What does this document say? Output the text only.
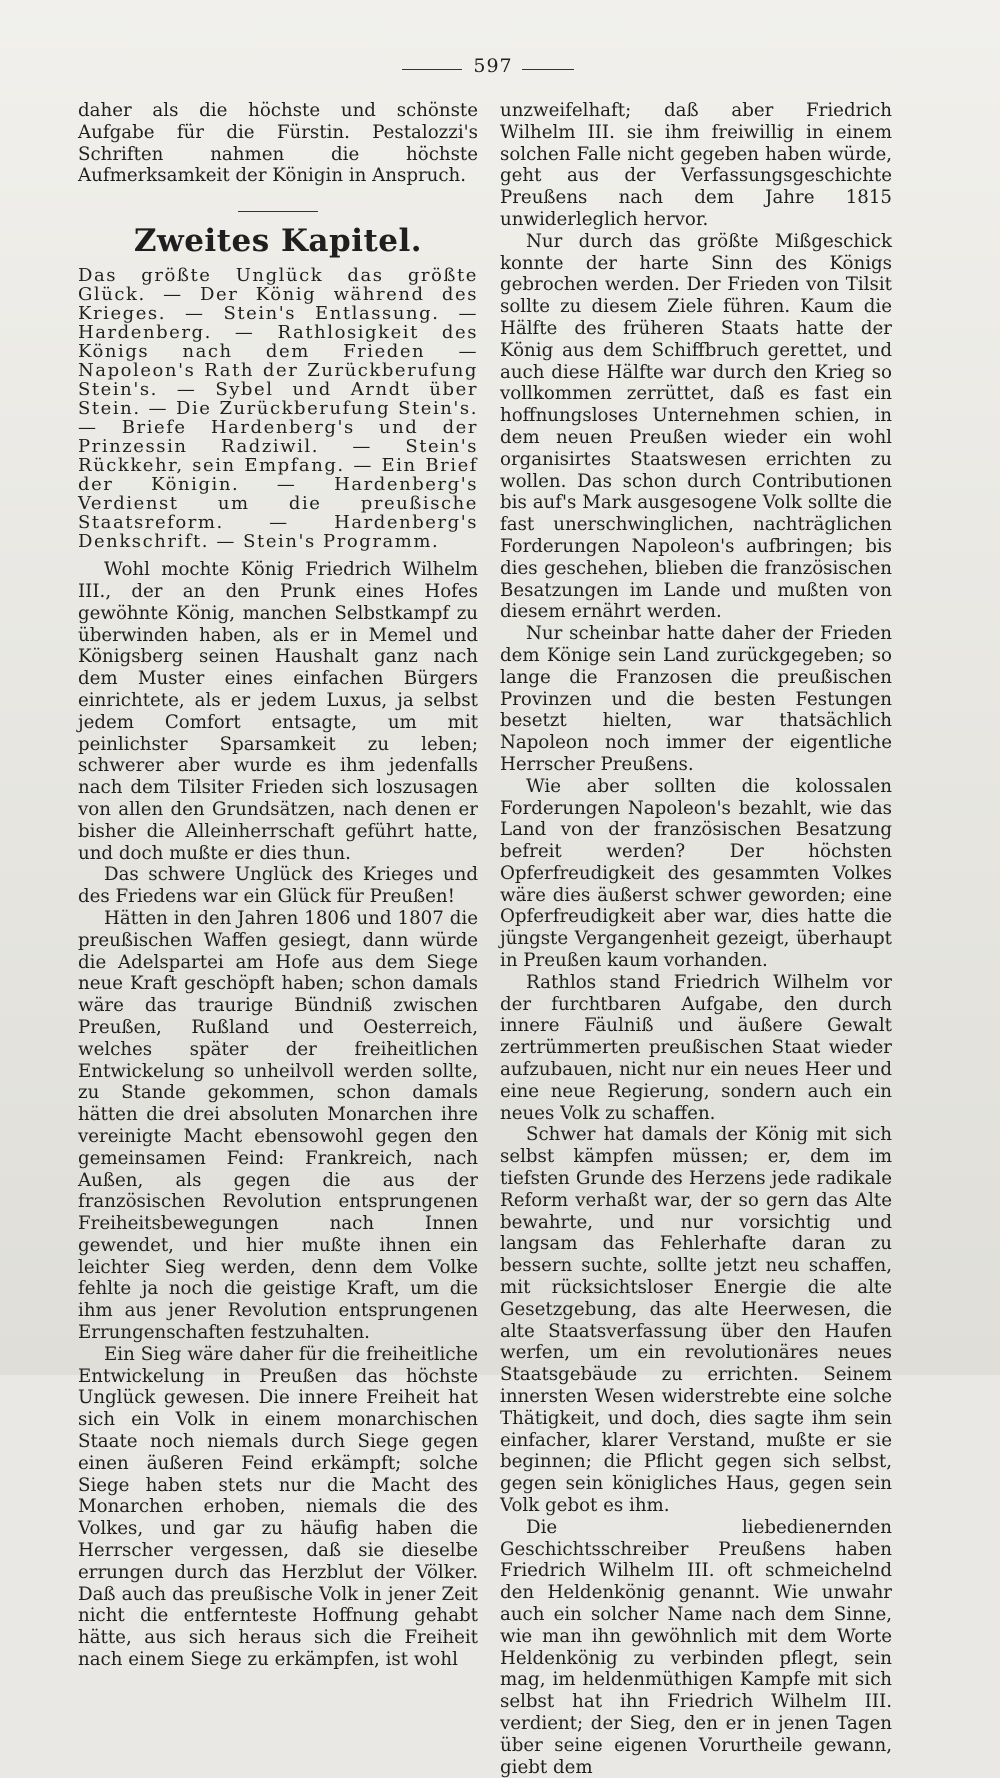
597

daher als die höchste und schönste Aufgabe für die Fürstin. Pestalozzi's Schriften nahmen die höchste Aufmerksamkeit der Königin in Anspruch.

Zweites Kapitel.
Das größte Unglück das größte Glück. — Der König während des Krieges. — Stein's Entlassung. — Hardenberg. — Rathlosigkeit des Königs nach dem Frieden — Napoleon's Rath der Zurückberufung Stein's. — Sybel und Arndt über Stein. — Die Zurückberufung Stein's. — Briefe Hardenberg's und der Prinzessin Radziwil. — Stein's Rückkehr, sein Empfang. — Ein Brief der Königin. — Hardenberg's Verdienst um die preußische Staatsreform. — Hardenberg's Denkschrift. — Stein's Programm.

Wohl mochte König Friedrich Wilhelm III., der an den Prunk eines Hofes gewöhnte König, manchen Selbstkampf zu überwinden haben, als er in Memel und Königsberg seinen Haushalt ganz nach dem Muster eines einfachen Bürgers einrichtete, als er jedem Luxus, ja selbst jedem Comfort entsagte, um mit peinlichster Sparsamkeit zu leben; schwerer aber wurde es ihm jedenfalls nach dem Tilsiter Frieden sich loszusagen von allen den Grundsätzen, nach denen er bisher die Alleinherrschaft geführt hatte, und doch mußte er dies thun.

Das schwere Unglück des Krieges und des Friedens war ein Glück für Preußen!

Hätten in den Jahren 1806 und 1807 die preußischen Waffen gesiegt, dann würde die Adelspartei am Hofe aus dem Siege neue Kraft geschöpft haben; schon damals wäre das traurige Bündniß zwischen Preußen, Rußland und Oesterreich, welches später der freiheitlichen Entwickelung so unheilvoll werden sollte, zu Stande gekommen, schon damals hätten die drei absoluten Monarchen ihre vereinigte Macht ebensowohl gegen den gemeinsamen Feind: Frankreich, nach Außen, als gegen die aus der französischen Revolution entsprungenen Freiheitsbewegungen nach Innen gewendet, und hier mußte ihnen ein leichter Sieg werden, denn dem Volke fehlte ja noch die geistige Kraft, um die ihm aus jener Revolution entsprungenen Errungenschaften festzuhalten.

Ein Sieg wäre daher für die freiheitliche Entwickelung in Preußen das höchste Unglück gewesen. Die innere Freiheit hat sich ein Volk in einem monarchischen Staate noch niemals durch Siege gegen einen äußeren Feind erkämpft; solche Siege haben stets nur die Macht des Monarchen erhoben, niemals die des Volkes, und gar zu häufig haben die Herrscher vergessen, daß sie dieselbe errungen durch das Herzblut der Völker. Daß auch das preußische Volk in jener Zeit nicht die entfernteste Hoffnung gehabt hätte, aus sich heraus sich die Freiheit nach einem Siege zu erkämpfen, ist wohl

unzweifelhaft; daß aber Friedrich Wilhelm III. sie ihm freiwillig in einem solchen Falle nicht gegeben haben würde, geht aus der Verfassungsgeschichte Preußens nach dem Jahre 1815 unwiderleglich hervor.

Nur durch das größte Mißgeschick konnte der harte Sinn des Königs gebrochen werden. Der Frieden von Tilsit sollte zu diesem Ziele führen. Kaum die Hälfte des früheren Staats hatte der König aus dem Schiffbruch gerettet, und auch diese Hälfte war durch den Krieg so vollkommen zerrüttet, daß es fast ein hoffnungsloses Unternehmen schien, in dem neuen Preußen wieder ein wohl organisirtes Staatswesen errichten zu wollen. Das schon durch Contributionen bis auf's Mark ausgesogene Volk sollte die fast unerschwinglichen, nachträglichen Forderungen Napoleon's aufbringen; bis dies geschehen, blieben die französischen Besatzungen im Lande und mußten von diesem ernährt werden.

Nur scheinbar hatte daher der Frieden dem Könige sein Land zurückgegeben; so lange die Franzosen die preußischen Provinzen und die besten Festungen besetzt hielten, war thatsächlich Napoleon noch immer der eigentliche Herrscher Preußens.

Wie aber sollten die kolossalen Forderungen Napoleon's bezahlt, wie das Land von der französischen Besatzung befreit werden? Der höchsten Opferfreudigkeit des gesammten Volkes wäre dies äußerst schwer geworden; eine Opferfreudigkeit aber war, dies hatte die jüngste Vergangenheit gezeigt, überhaupt in Preußen kaum vorhanden.

Rathlos stand Friedrich Wilhelm vor der furchtbaren Aufgabe, den durch innere Fäulniß und äußere Gewalt zertrümmerten preußischen Staat wieder aufzubauen, nicht nur ein neues Heer und eine neue Regierung, sondern auch ein neues Volk zu schaffen.

Schwer hat damals der König mit sich selbst kämpfen müssen; er, dem im tiefsten Grunde des Herzens jede radikale Reform verhaßt war, der so gern das Alte bewahrte, und nur vorsichtig und langsam das Fehlerhafte daran zu bessern suchte, sollte jetzt neu schaffen, mit rücksichtsloser Energie die alte Gesetzgebung, das alte Heerwesen, die alte Staatsverfassung über den Haufen werfen, um ein revolutionäres neues Staatsgebäude zu errichten. Seinem innersten Wesen widerstrebte eine solche Thätigkeit, und doch, dies sagte ihm sein einfacher, klarer Verstand, mußte er sie beginnen; die Pflicht gegen sich selbst, gegen sein königliches Haus, gegen sein Volk gebot es ihm.

Die liebedienernden Geschichtsschreiber Preußens haben Friedrich Wilhelm III. oft schmeichelnd den Heldenkönig genannt. Wie unwahr auch ein solcher Name nach dem Sinne, wie man ihn gewöhnlich mit dem Worte Heldenkönig zu verbinden pflegt, sein mag, im heldenmüthigen Kampfe mit sich selbst hat ihn Friedrich Wilhelm III. verdient; der Sieg, den er in jenen Tagen über seine eigenen Vorurtheile gewann, giebt dem
